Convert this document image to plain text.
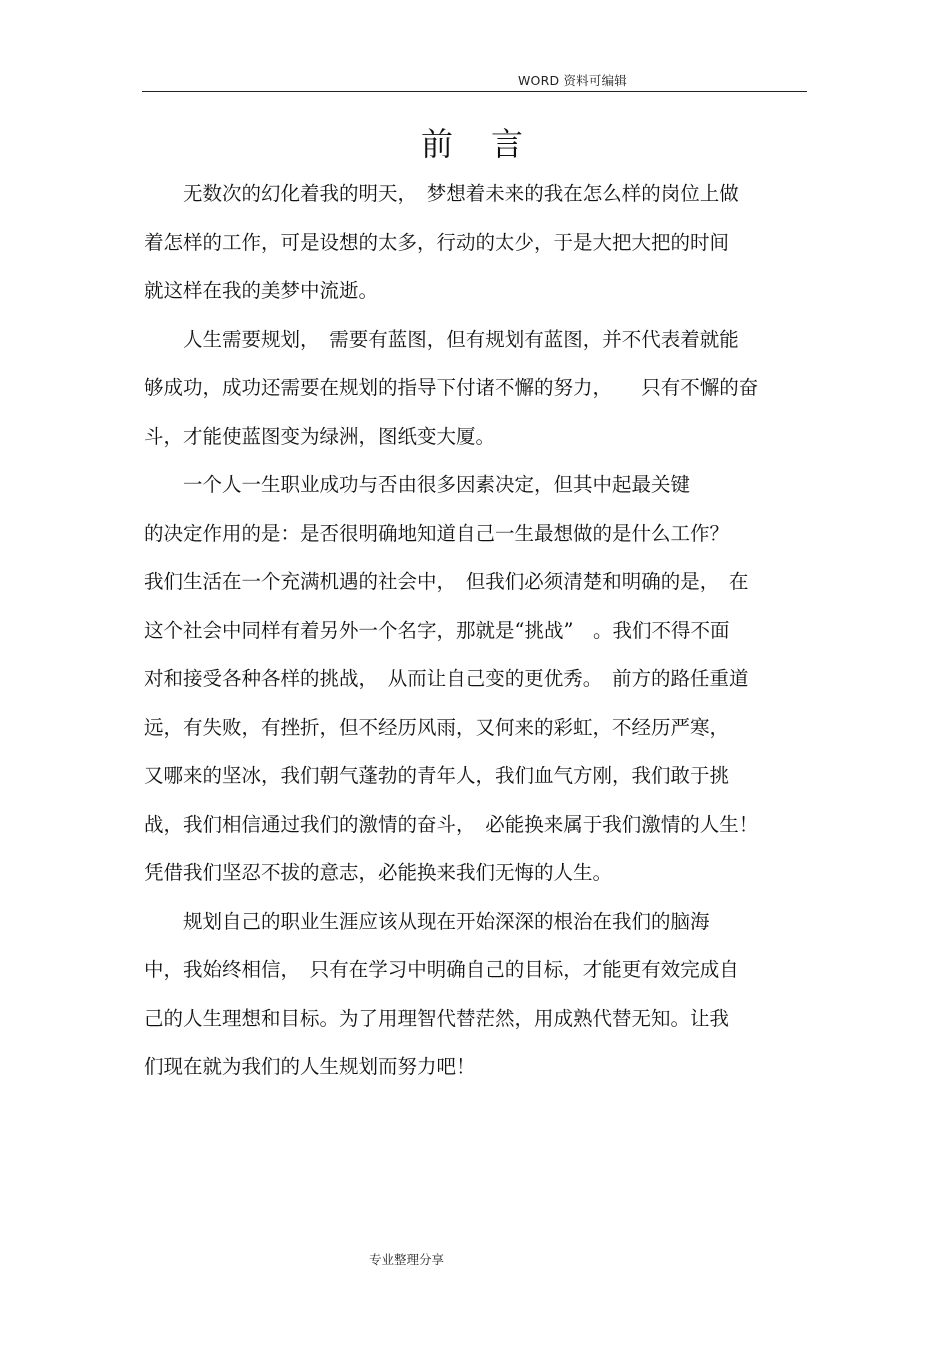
WORD 资料可编辑
前言
　　无数次的幻化着我的明天，　梦想着未来的我在怎么样的岗位上做
着怎样的工作，可是设想的太多，行动的太少，于是大把大把的时间
就这样在我的美梦中流逝。
　　人生需要规划，　需要有蓝图，但有规划有蓝图，并不代表着就能
够成功，成功还需要在规划的指导下付诸不懈的努力，　　只有不懈的奋
斗，才能使蓝图变为绿洲，图纸变大厦。
　　一个人一生职业成功与否由很多因素决定，但其中起最关键
的决定作用的是：是否很明确地知道自己一生最想做的是什么工作？
我们生活在一个充满机遇的社会中，　但我们必须清楚和明确的是，　在
这个社会中同样有着另外一个名字，那就是“挑战”　。我们不得不面
对和接受各种各样的挑战，　从而让自己变的更优秀。　前方的路任重道
远，有失败，有挫折，但不经历风雨，又何来的彩虹，不经历严寒，
又哪来的坚冰，我们朝气蓬勃的青年人，我们血气方刚，我们敢于挑
战，我们相信通过我们的激情的奋斗，　必能换来属于我们激情的人生！
凭借我们坚忍不拔的意志，必能换来我们无悔的人生。
　　规划自己的职业生涯应该从现在开始深深的根治在我们的脑海
中，我始终相信，　只有在学习中明确自己的目标，才能更有效完成自
己的人生理想和目标。为了用理智代替茫然，用成熟代替无知。让我
们现在就为我们的人生规划而努力吧！
专业整理分享
